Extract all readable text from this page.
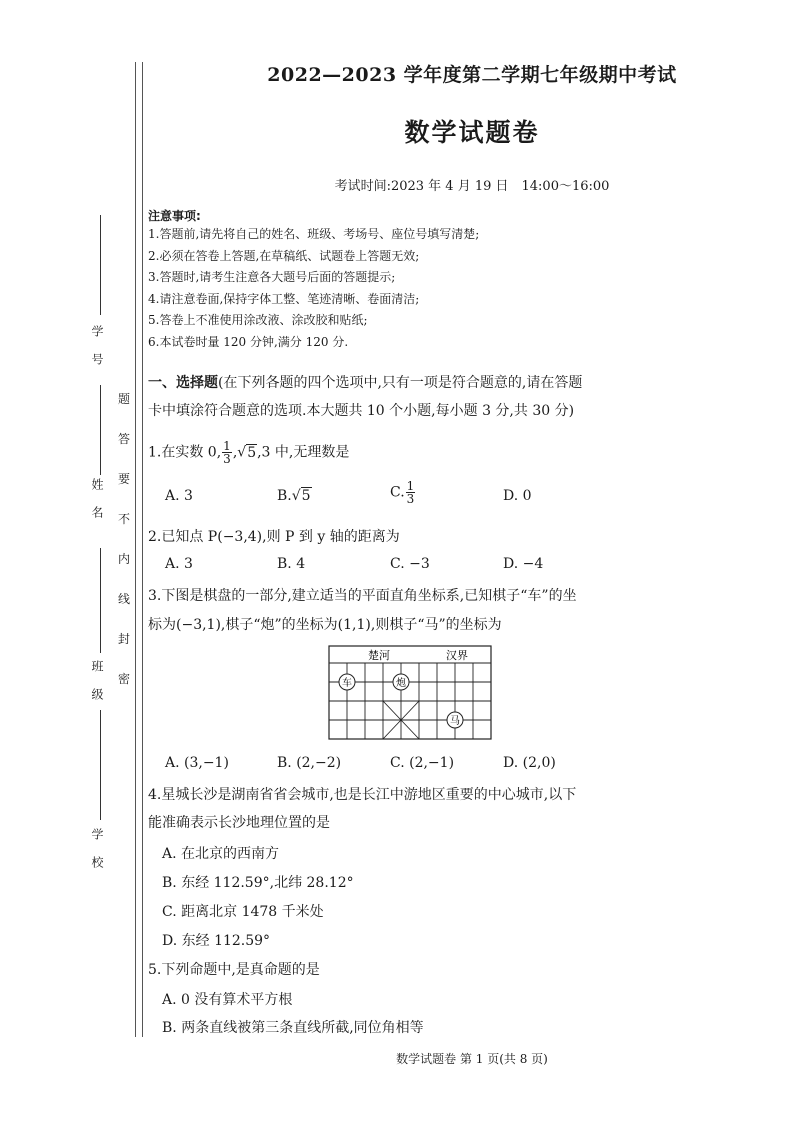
学　号
姓　名
班　级
学　校
密
封
线
内
不
要
答
题
2022—2023 学年度第二学期七年级期中考试
数学试题卷
考试时间:2023 年 4 月 19 日　14:00～16:00
注意事项:
1.答题前,请先将自己的姓名、班级、考场号、座位号填写清楚;
2.必须在答卷上答题,在草稿纸、试题卷上答题无效;
3.答题时,请考生注意各大题号后面的答题提示;
4.请注意卷面,保持字体工整、笔迹清晰、卷面清洁;
5.答卷上不准使用涂改液、涂改胶和贴纸;
6.本试卷时量 120 分钟,满分 120 分.
一、选择题(在下列各题的四个选项中,只有一项是符合题意的,请在答题
卡中填涂符合题意的选项.本大题共 10 个小题,每小题 3 分,共 30 分)
1.在实数 0, $\frac{1}{3} ,√5,3$ 中,无理数是
A. 3	B.√5	C. $\frac{1}{3}$	D. 0
2.已知点 P(−3,4),则 P 到 y 轴的距离为
A. 3	B. 4	C. −3	D. −4
3.下图是棋盘的一部分,建立适当的平面直角坐标系,已知棋子“车”的坐
标为(−3,1),棋子“炮”的坐标为(1,1),则棋子“马”的坐标为
楚河	汉界
车	炮
马
A. (3,−1)	B. (2,−2)	C. (2,−1)	D. (2,0)
4.星城长沙是湖南省省会城市,也是长江中游地区重要的中心城市,以下
能准确表示长沙地理位置的是
A. 在北京的西南方
B. 东经 112.59°,北纬 28.12°
C. 距离北京 1478 千米处
D. 东经 112.59°
5.下列命题中,是真命题的是
A. 0 没有算术平方根
B. 两条直线被第三条直线所截,同位角相等
数学试题卷 第 1 页(共 8 页)
